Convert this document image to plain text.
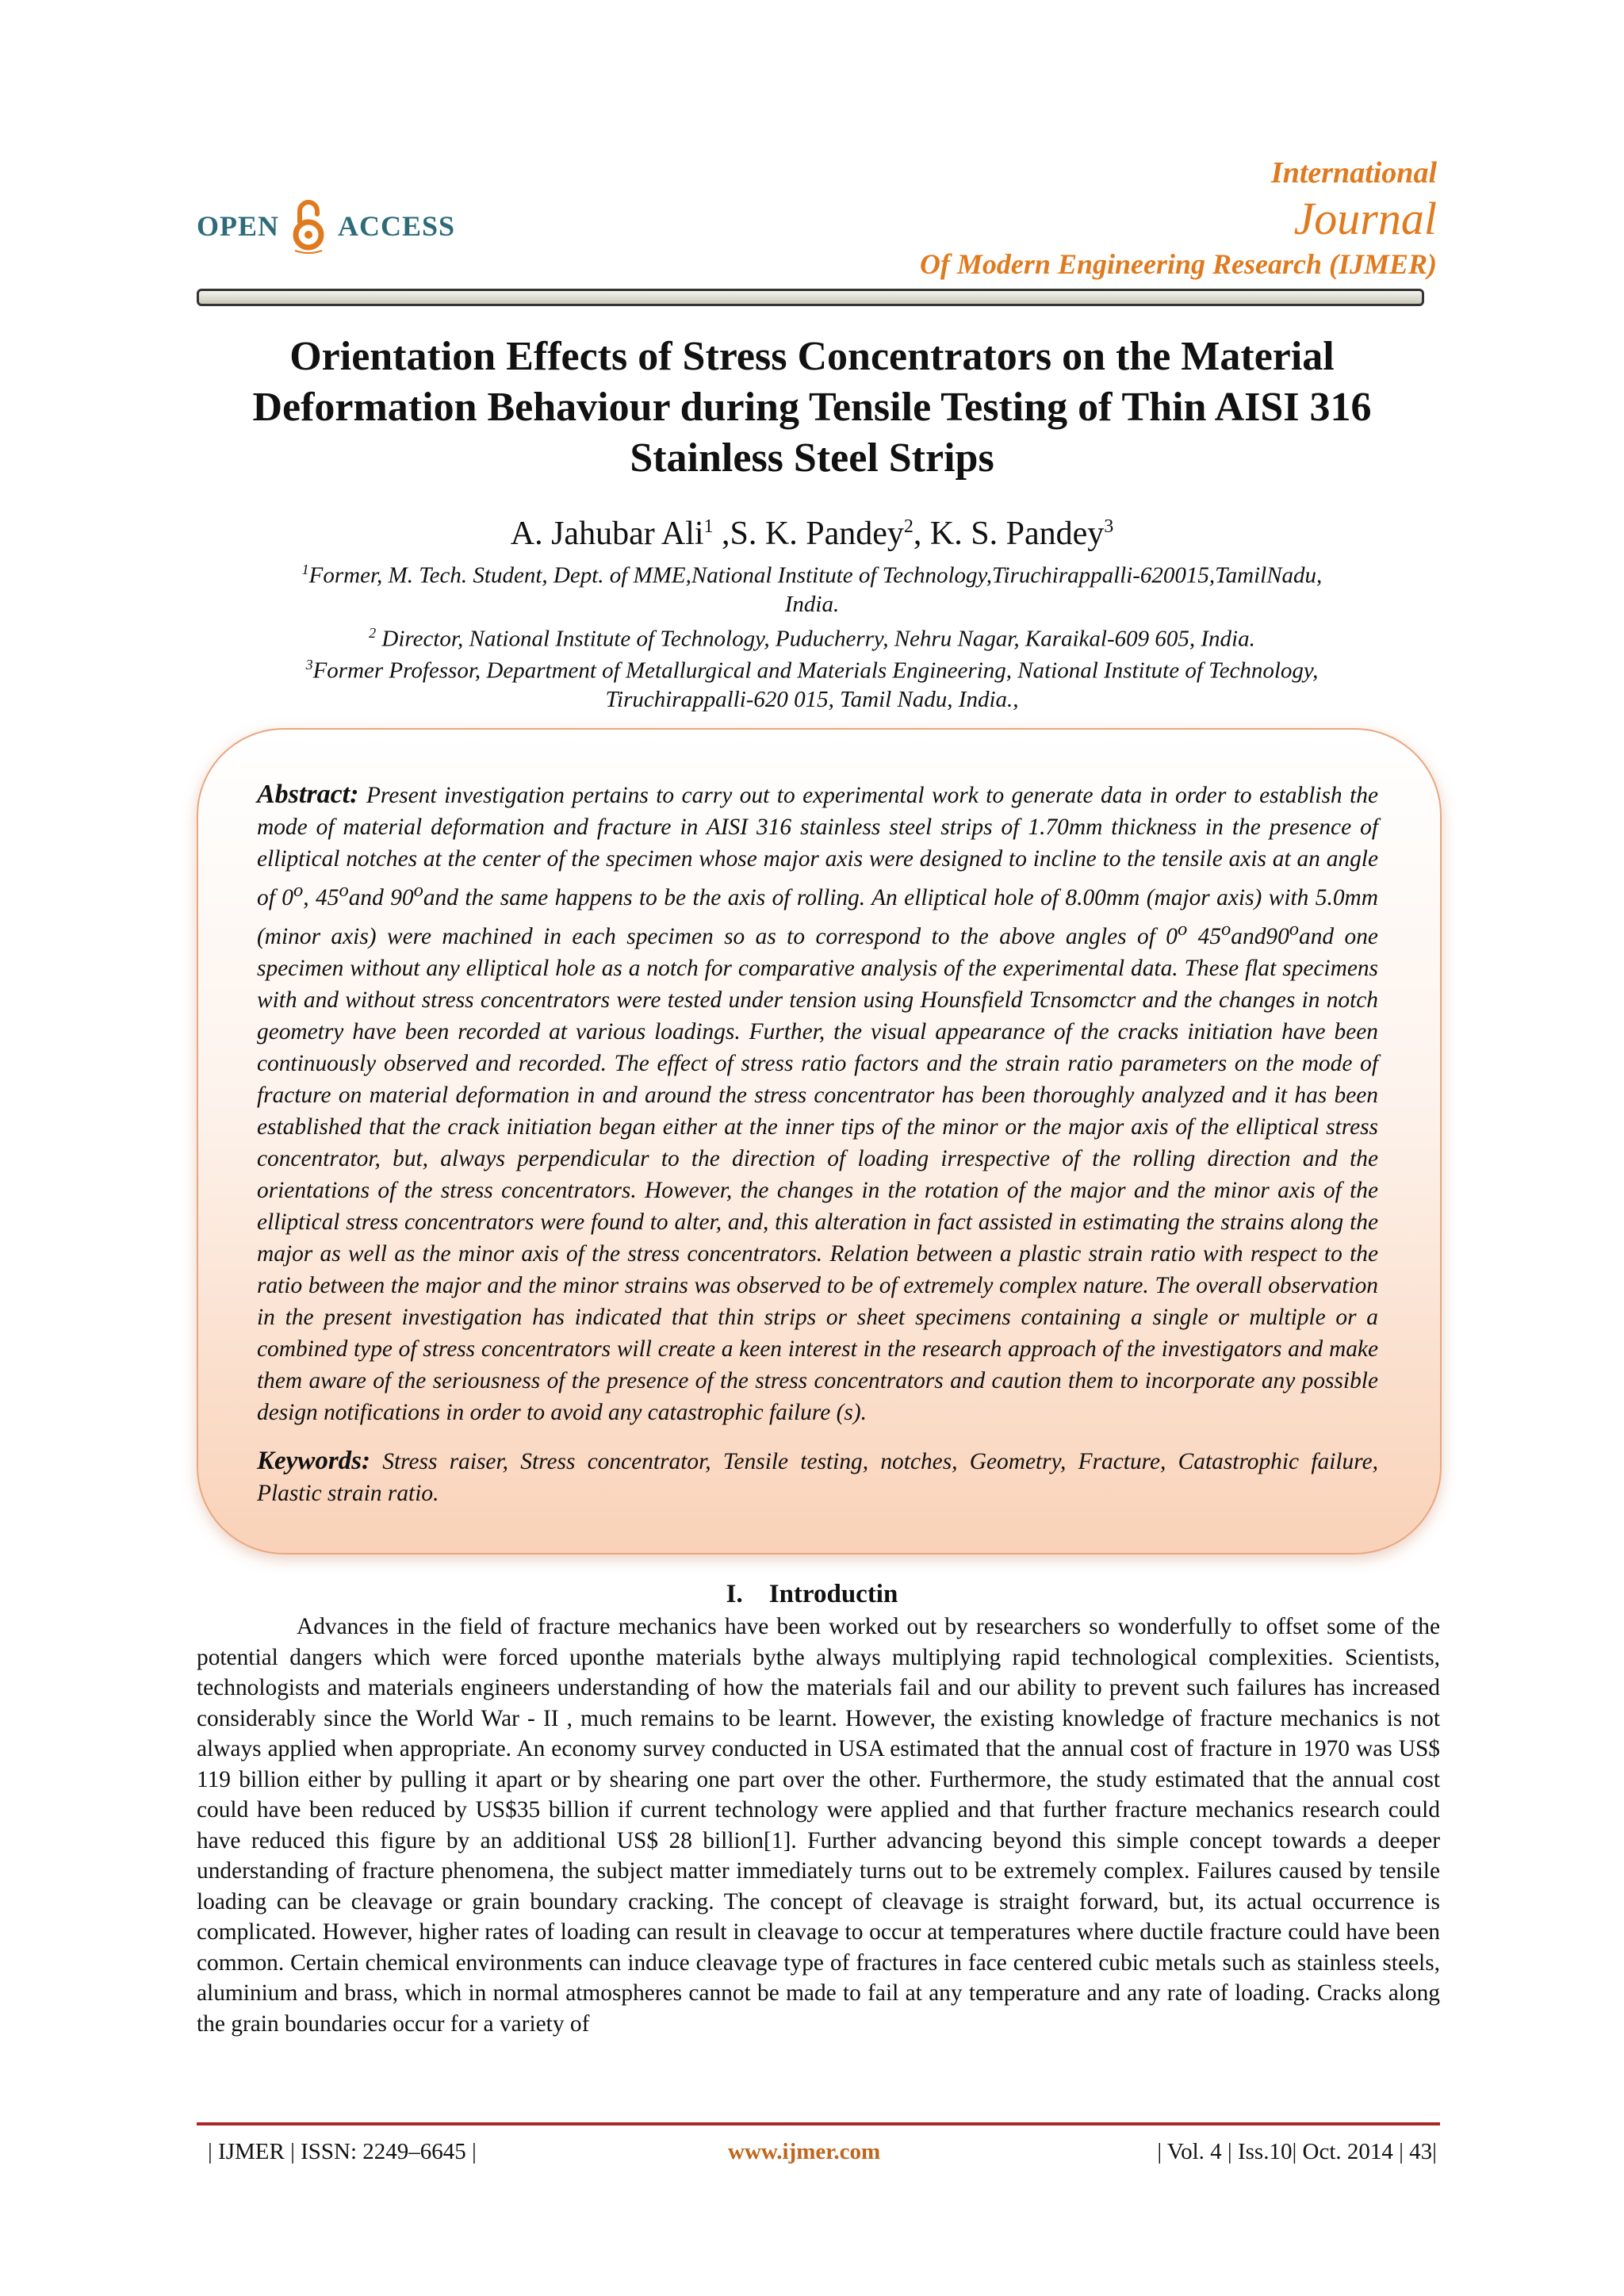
OPEN ACCESS
International
Journal
Of Modern Engineering Research (IJMER)
Orientation Effects of Stress Concentrators on the Material
Deformation Behaviour during Tensile Testing of Thin AISI 316
Stainless Steel Strips
A. Jahubar Ali$^1$ ,S. K. Pandey$^2$, K. S. Pandey$^3$
$^1$Former, M. Tech. Student, Dept. of MME,National Institute of Technology,Tiruchirappalli-620015,TamilNadu,
India.
$^2$ Director, National Institute of Technology, Puducherry, Nehru Nagar, Karaikal-609 605, India.
$^3$Former Professor, Department of Metallurgical and Materials Engineering, National Institute of Technology,
Tiruchirappalli-620 015, Tamil Nadu, India.,
Abstract: Present investigation pertains to carry out to experimental work to generate data in order to establish the mode of material deformation and fracture in AISI 316 stainless steel strips of 1.70mm thickness in the presence of elliptical notches at the center of the specimen whose major axis were designed to incline to the tensile axis at an angle of 0$^o$, 45$^o$and 90$^o$and the same happens to be the axis of rolling. An elliptical hole of 8.00mm (major axis) with 5.0mm (minor axis) were machined in each specimen so as to correspond to the above angles of 0$^o$ 45$^o$and90$^o$and one specimen without any elliptical hole as a notch for comparative analysis of the experimental data. These flat specimens with and without stress concentrators were tested under tension using Hounsfield Tcnsomctcr and the changes in notch geometry have been recorded at various loadings. Further, the visual appearance of the cracks initiation have been continuously observed and recorded. The effect of stress ratio factors and the strain ratio parameters on the mode of fracture on material deformation in and around the stress concentrator has been thoroughly analyzed and it has been established that the crack initiation began either at the inner tips of the minor or the major axis of the elliptical stress concentrator, but, always perpendicular to the direction of loading irrespective of the rolling direction and the orientations of the stress concentrators. However, the changes in the rotation of the major and the minor axis of the elliptical stress concentrators were found to alter, and, this alteration in fact assisted in estimating the strains along the major as well as the minor axis of the stress concentrators. Relation between a plastic strain ratio with respect to the ratio between the major and the minor strains was observed to be of extremely complex nature. The overall observation in the present investigation has indicated that thin strips or sheet specimens containing a single or multiple or a combined type of stress concentrators will create a keen interest in the research approach of the investigators and make them aware of the seriousness of the presence of the stress concentrators and caution them to incorporate any possible design notifications in order to avoid any catastrophic failure (s).
Keywords: Stress raiser, Stress concentrator, Tensile testing, notches, Geometry, Fracture, Catastrophic failure, Plastic strain ratio.
I.    Introductin
Advances in the field of fracture mechanics have been worked out by researchers so wonderfully to offset some of the potential dangers which were forced uponthe materials bythe always multiplying rapid technological complexities. Scientists, technologists and materials engineers understanding of how the materials fail and our ability to prevent such failures has increased considerably since the World War - II , much remains to be learnt. However, the existing knowledge of fracture mechanics is not always applied when appropriate. An economy survey conducted in USA estimated that the annual cost of fracture in 1970 was US$ 119 billion either by pulling it apart or by shearing one part over the other. Furthermore, the study estimated that the annual cost could have been reduced by US$35 billion if current technology were applied and that further fracture mechanics research could have reduced this figure by an additional US$ 28 billion[1]. Further advancing beyond this simple concept towards a deeper understanding of fracture phenomena, the subject matter immediately turns out to be extremely complex. Failures caused by tensile loading can be cleavage or grain boundary cracking. The concept of cleavage is straight forward, but, its actual occurrence is complicated. However, higher rates of loading can result in cleavage to occur at temperatures where ductile fracture could have been common. Certain chemical environments can induce cleavage type of fractures in face centered cubic metals such as stainless steels, aluminium and brass, which in normal atmospheres cannot be made to fail at any temperature and any rate of loading. Cracks along the grain boundaries occur for a variety of
| IJMER | ISSN: 2249–6645 |	www.ijmer.com	| Vol. 4 | Iss.10| Oct. 2014 | 43|
